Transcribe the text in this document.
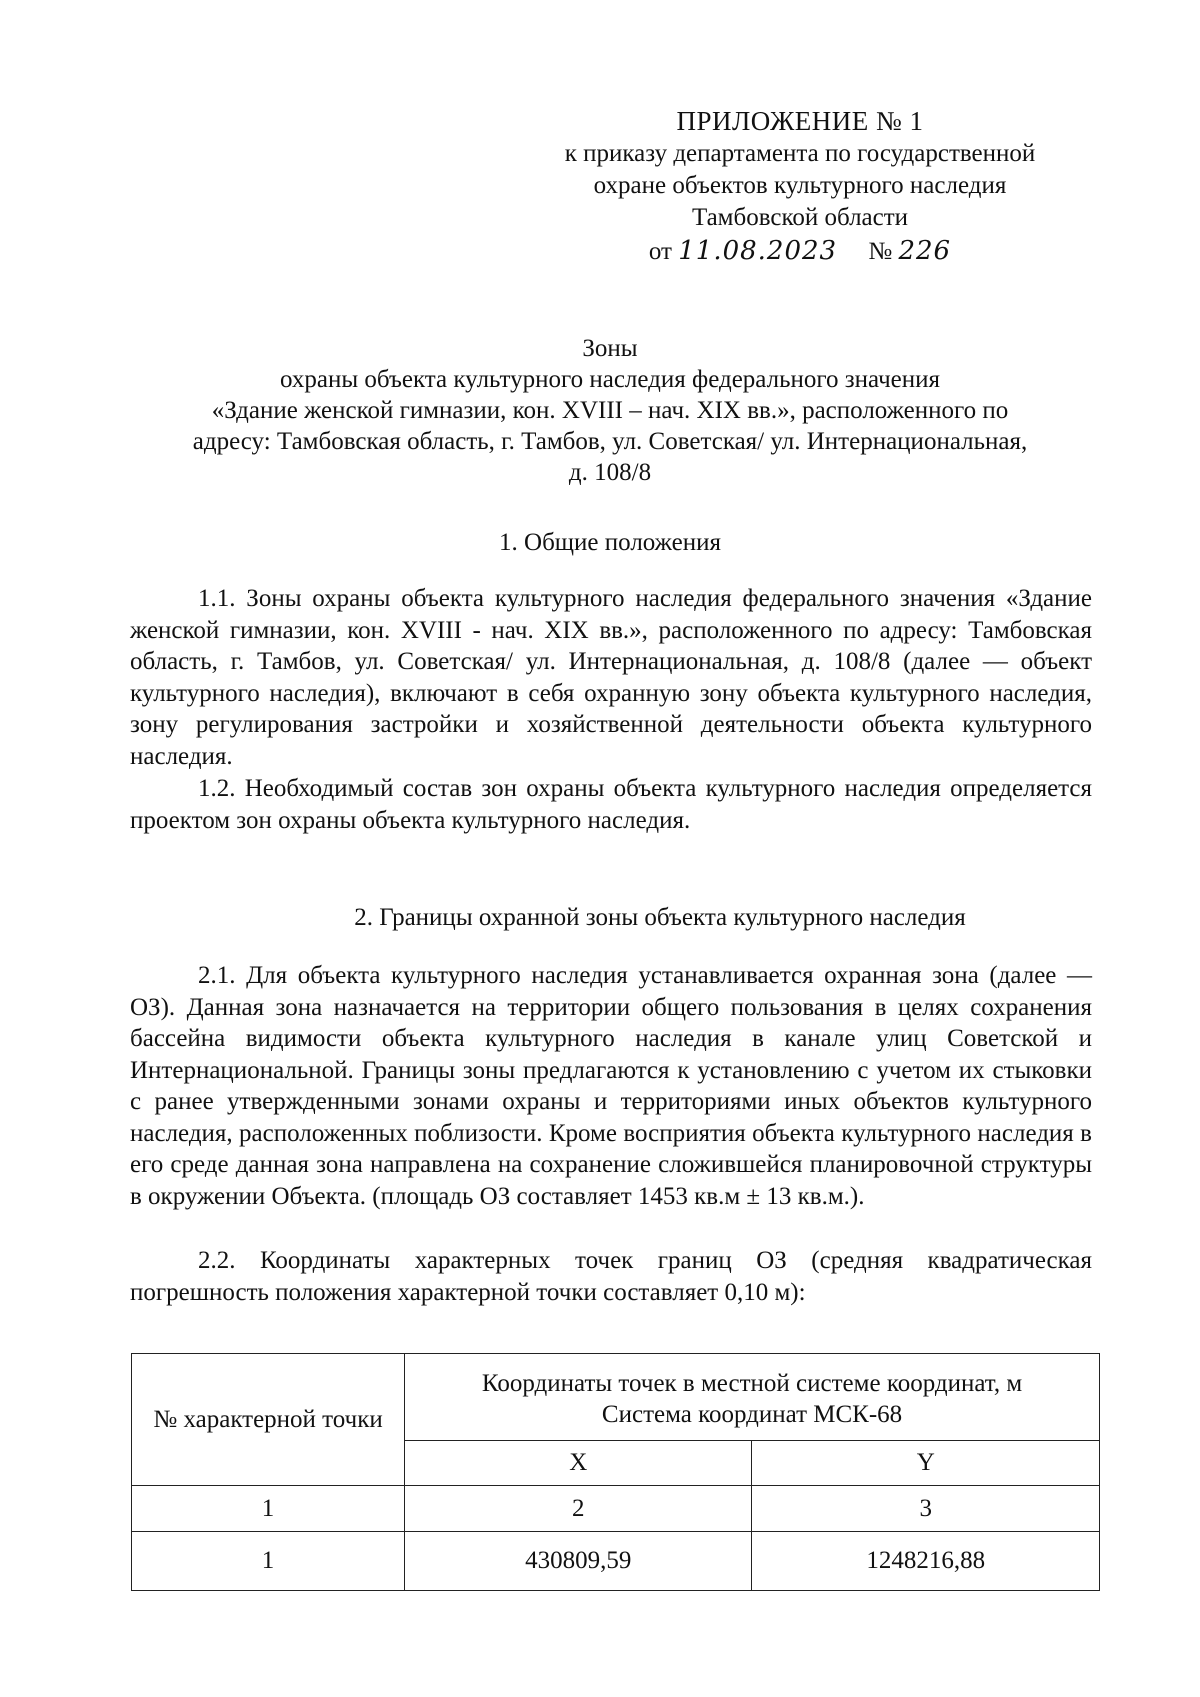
ПРИЛОЖЕНИЕ № 1
к приказу департамента по государственной
охране объектов культурного наследия
Тамбовской области
от 11.08.2023 № 226
Зоны
охраны объекта культурного наследия федерального значения
«Здание женской гимназии, кон. XVIII – нач. XIX вв.», расположенного по
адресу: Тамбовская область, г. Тамбов, ул. Советская/ ул. Интернациональная,
д. 108/8
1. Общие положения
1.1. Зоны охраны объекта культурного наследия федерального значения «Здание женской гимназии, кон. XVIII - нач. XIX вв.», расположенного по адресу: Тамбовская область, г. Тамбов, ул. Советская/ ул. Интернациональная, д. 108/8 (далее — объект культурного наследия), включают в себя охранную зону объекта культурного наследия, зону регулирования застройки и хозяйственной деятельности объекта культурного наследия.
1.2. Необходимый состав зон охраны объекта культурного наследия определяется проектом зон охраны объекта культурного наследия.
2. Границы охранной зоны объекта культурного наследия
2.1. Для объекта культурного наследия устанавливается охранная зона (далее — ОЗ). Данная зона назначается на территории общего пользования в целях сохранения бассейна видимости объекта культурного наследия в канале улиц Советской и Интернациональной. Границы зоны предлагаются к установлению с учетом их стыковки с ранее утвержденными зонами охраны и территориями иных объектов культурного наследия, расположенных поблизости. Кроме восприятия объекта культурного наследия в его среде данная зона направлена на сохранение сложившейся планировочной структуры в окружении Объекта. (площадь ОЗ составляет 1453 кв.м ± 13 кв.м.).
2.2. Координаты характерных точек границ ОЗ (средняя квадратическая погрешность положения характерной точки составляет 0,10 м):
№ характерной точки	Координаты точек в местной системе координат, м
Система координат МСК-68	

	X	Y
1	2	3
1	430809,59	1248216,88
